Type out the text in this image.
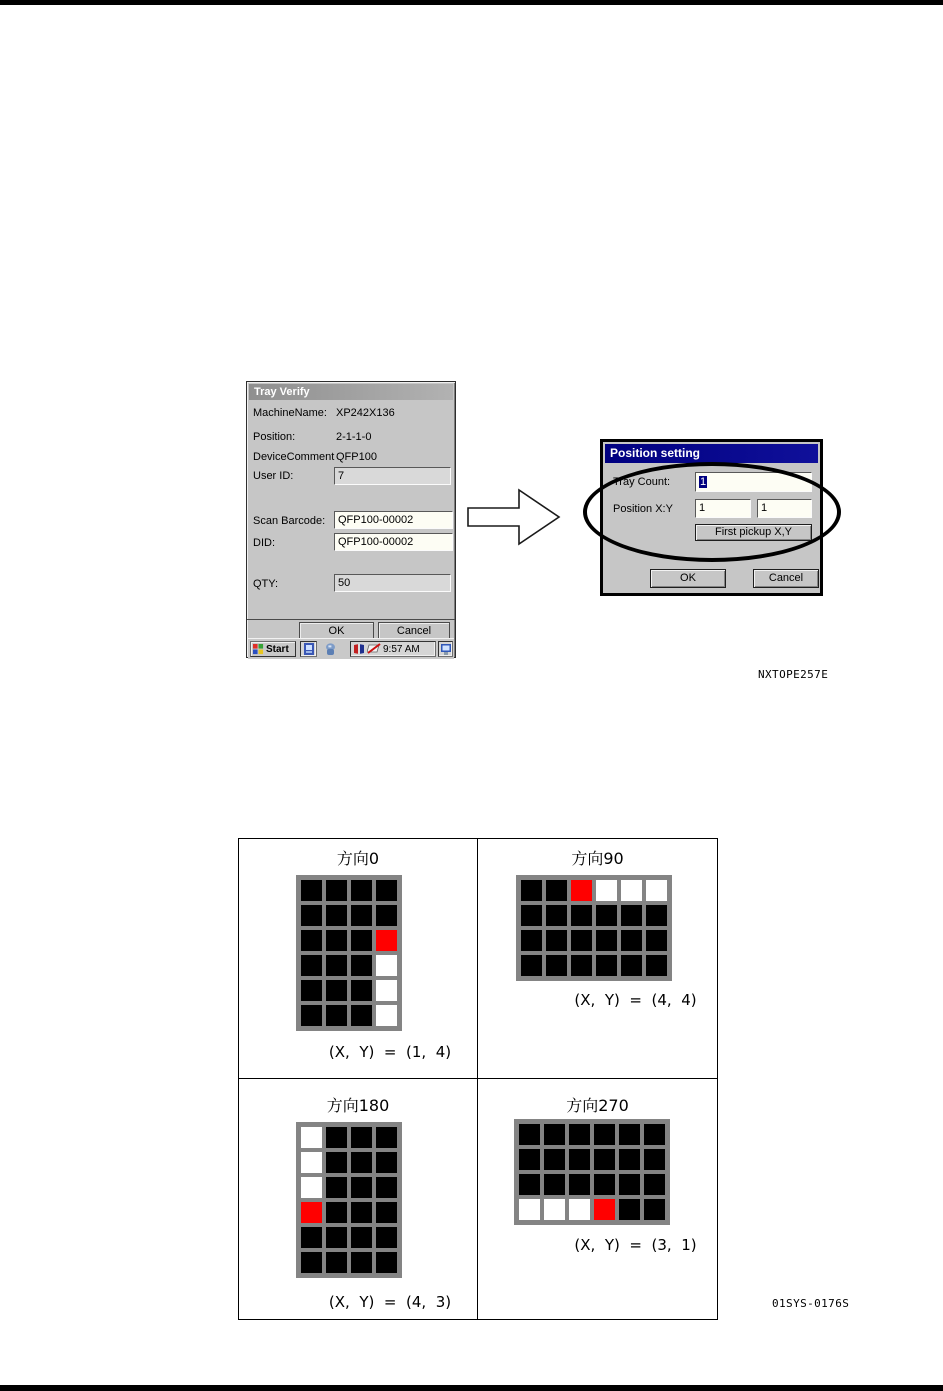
Tray Verify
MachineName: XP242X136
Position:	2-1-1-0
DeviceComment QFP100
User ID:	7
Scan Barcode:	QFP100-00002
DID:	QFP100-00002
QTY:	50
OK	Cancel
Start	9:57 AM
Position setting
Tray Count:	1
Position X:Y	1	1
First pickup X,Y
OK	Cancel
NXTOPE257E
01SYS-0176S
方向0
(X,  Y)  =  (1,  4)
方向90
(X,  Y)  =  (4,  4)
方向180
(X,  Y)  =  (4,  3)
方向270
(X,  Y)  =  (3,  1)
